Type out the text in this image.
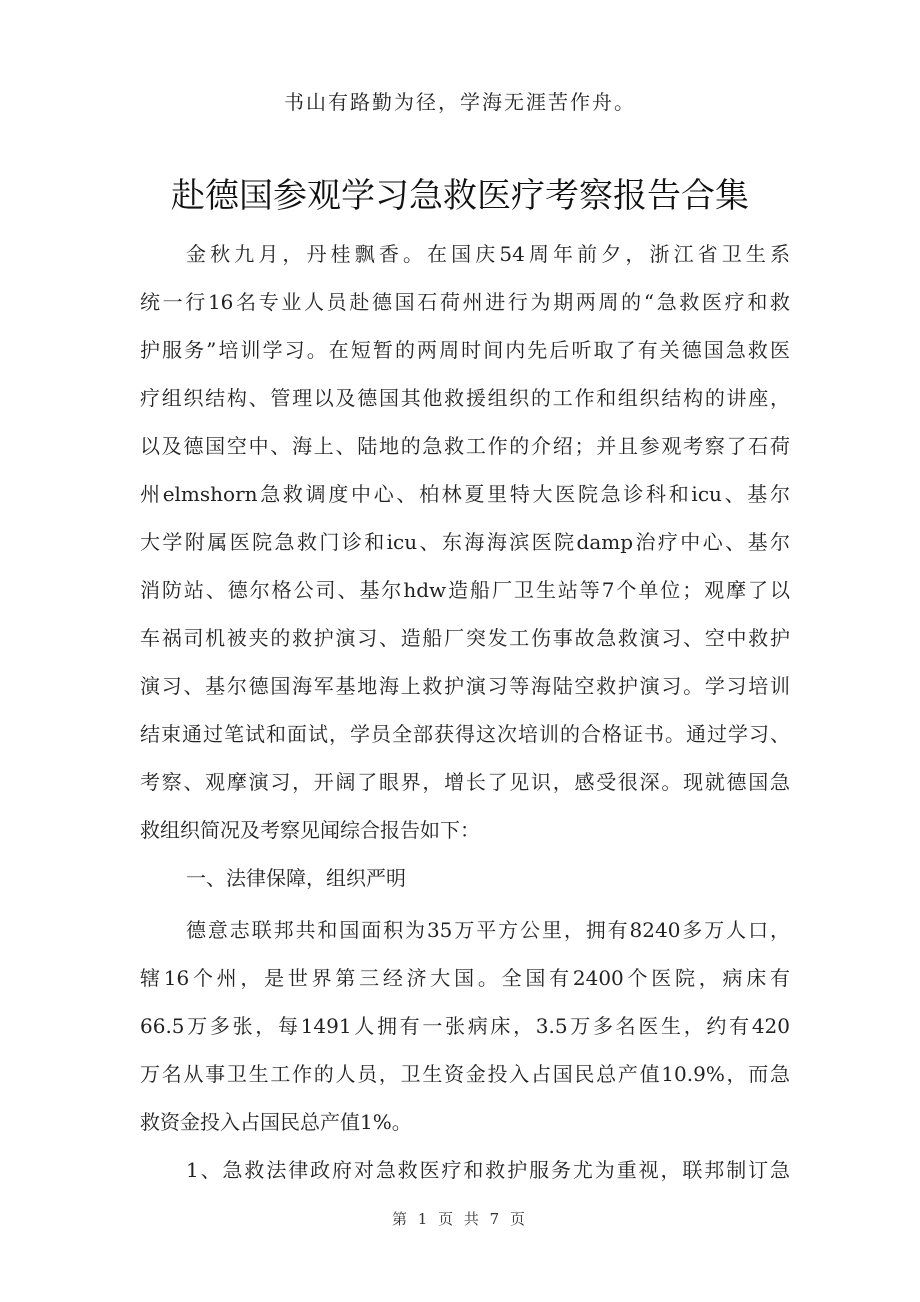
书山有路勤为径，学海无涯苦作舟。
赴德国参观学习急救医疗考察报告合集
金秋九月，丹桂飘香。在国庆54周年前夕，浙江省卫生系
统一行16名专业人员赴德国石荷州进行为期两周的“急救医疗和救
护服务”培训学习。在短暂的两周时间内先后听取了有关德国急救医
疗组织结构、管理以及德国其他救援组织的工作和组织结构的讲座，
以及德国空中、海上、陆地的急救工作的介绍；并且参观考察了石荷
州elmshorn急救调度中心、柏林夏里特大医院急诊科和icu、基尔
大学附属医院急救门诊和icu、东海海滨医院damp治疗中心、基尔
消防站、德尔格公司、基尔hdw造船厂卫生站等7个单位；观摩了以
车祸司机被夹的救护演习、造船厂突发工伤事故急救演习、空中救护
演习、基尔德国海军基地海上救护演习等海陆空救护演习。学习培训
结束通过笔试和面试，学员全部获得这次培训的合格证书。通过学习、
考察、观摩演习，开阔了眼界，增长了见识，感受很深。现就德国急
救组织简况及考察见闻综合报告如下：
一、法律保障，组织严明
德意志联邦共和国面积为35万平方公里，拥有8240多万人口，
辖16个州，是世界第三经济大国。全国有2400个医院，病床有
66.5万多张，每1491人拥有一张病床，3.5万多名医生，约有420
万名从事卫生工作的人员，卫生资金投入占国民总产值10.9%，而急
救资金投入占国民总产值1%。
1、急救法律政府对急救医疗和救护服务尤为重视，联邦制订急
第 1 页 共 7 页
